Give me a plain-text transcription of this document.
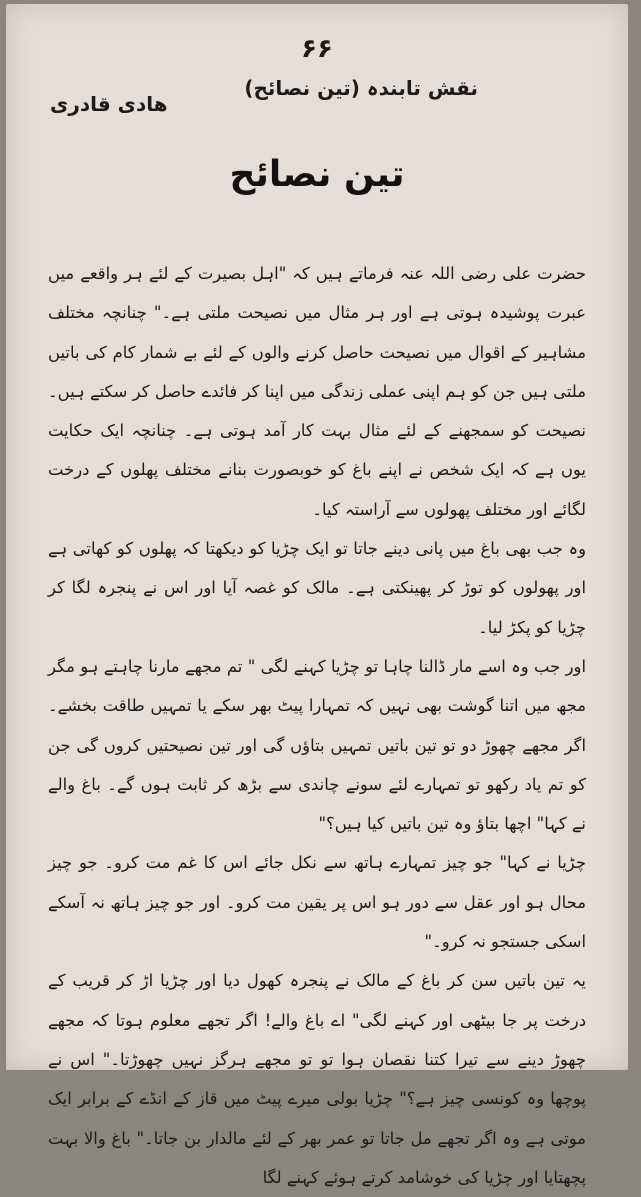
۶۶
نقش تابندہ (تین نصائح)
ھادی قادری
تین نصائح

حضرت علی رضی اللہ عنہ فرماتے ہیں کہ "اہل بصیرت کے لئے ہر واقعے میں عبرت پوشیدہ ہوتی ہے اور ہر مثال میں نصیحت ملتی ہے۔" چنانچہ مختلف مشاہیر کے اقوال میں نصیحت حاصل کرنے والوں کے لئے بے شمار کام کی باتیں ملتی ہیں جن کو ہم اپنی عملی زندگی میں اپنا کر فائدے حاصل کر سکتے ہیں۔ نصیحت کو سمجھنے کے لئے مثال بہت کار آمد ہوتی ہے۔ چنانچہ ایک حکایت یوں ہے کہ ایک شخص نے اپنے باغ کو خوبصورت بنانے مختلف پھلوں کے درخت لگائے اور مختلف پھولوں سے آراستہ کیا۔

وہ جب بھی باغ میں پانی دینے جاتا تو ایک چڑیا کو دیکھتا کہ پھلوں کو کھاتی ہے اور پھولوں کو توڑ کر پھینکتی ہے۔ مالک کو غصہ آیا اور اس نے پنجرہ لگا کر چڑیا کو پکڑ لیا۔

اور جب وہ اسے مار ڈالنا چاہا تو چڑیا کہنے لگی " تم مجھے مارنا چاہتے ہو مگر مجھ میں اتنا گوشت بھی نہیں کہ تمہارا پیٹ بھر سکے یا تمہیں طاقت بخشے۔ اگر مجھے چھوڑ دو تو تین باتیں تمہیں بتاؤں گی اور تین نصیحتیں کروں گی جن کو تم یاد رکھو تو تمہارے لئے سونے چاندی سے بڑھ کر ثابت ہوں گے۔ باغ والے نے کہا" اچھا بتاؤ وہ تین باتیں کیا ہیں؟"

چڑیا نے کہا" جو چیز تمہارے ہاتھ سے نکل جائے اس کا غم مت کرو۔ جو چیز محال ہو اور عقل سے دور ہو اس پر یقین مت کرو۔ اور جو چیز ہاتھ نہ آسکے اسکی جستجو نہ کرو۔"

یہ تین باتیں سن کر باغ کے مالک نے پنجرہ کھول دیا اور چڑیا اڑ کر قریب کے درخت پر جا بیٹھی اور کہنے لگی" اے باغ والے! اگر تجھے معلوم ہوتا کہ مجھے چھوڑ دینے سے تیرا کتنا نقصان ہوا تو تو مجھے ہرگز نہیں چھوڑتا۔" اس نے پوچھا وہ کونسی چیز ہے؟" چڑیا بولی میرے پیٹ میں قاز کے انڈے کے برابر ایک موتی ہے وہ اگر تجھے مل جاتا تو عمر بھر کے لئے مالدار بن جاتا۔" باغ والا بہت پچھتایا اور چڑیا کی خوشامد کرتے ہوئے کہنے لگا
